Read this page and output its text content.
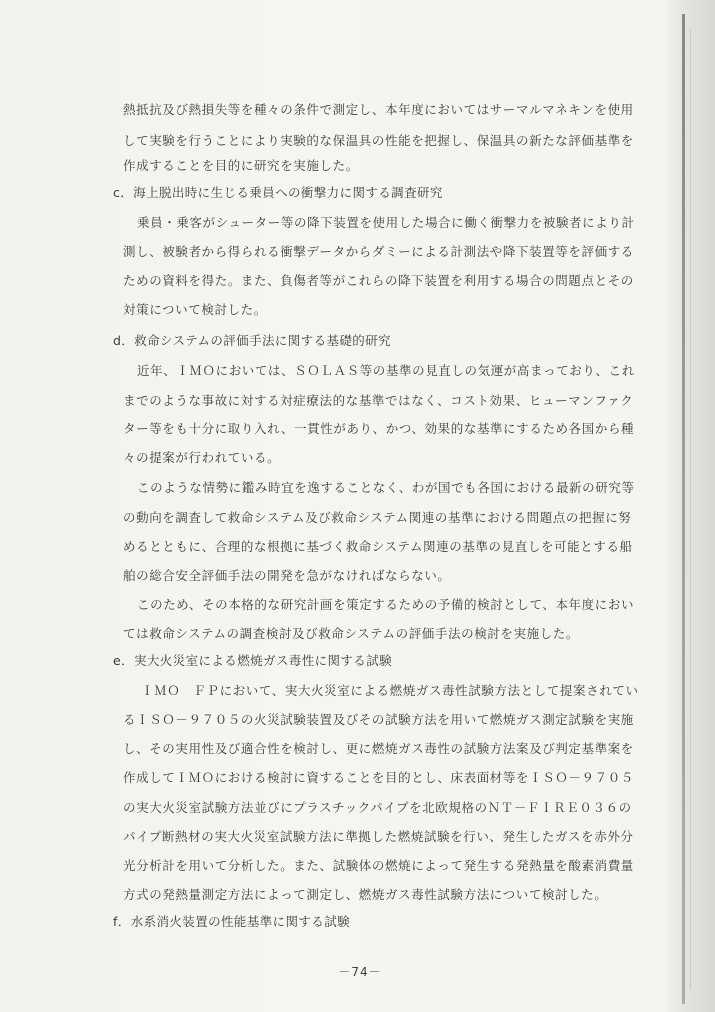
熱抵抗及び熱損失等を種々の条件で測定し、本年度においてはサーマルマネキンを使用
して実験を行うことにより実験的な保温具の性能を把握し、保温具の新たな評価基準を
作成することを目的に研究を実施した。
c．海上脱出時に生じる乗員への衝撃力に関する調査研究
乗員・乗客がシューター等の降下装置を使用した場合に働く衝撃力を被験者により計
測し、被験者から得られる衝撃データからダミーによる計測法や降下装置等を評価する
ための資料を得た。また、負傷者等がこれらの降下装置を利用する場合の問題点とその
対策について検討した。
d．救命システムの評価手法に関する基礎的研究
近年、ＩＭＯにおいては、ＳＯＬＡＳ等の基準の見直しの気運が高まっており、これ
までのような事故に対する対症療法的な基準ではなく、コスト効果、ヒューマンファク
ター等をも十分に取り入れ、一貫性があり、かつ、効果的な基準にするため各国から種
々の提案が行われている。
このような情勢に鑑み時宜を逸することなく、わが国でも各国における最新の研究等
の動向を調査して救命システム及び救命システム関連の基準における問題点の把握に努
めるとともに、合理的な根拠に基づく救命システム関連の基準の見直しを可能とする船
舶の総合安全評価手法の開発を急がなければならない。
このため、その本格的な研究計画を策定するための予備的検討として、本年度におい
ては救命システムの調査検討及び救命システムの評価手法の検討を実施した。
e．実大火災室による燃焼ガス毒性に関する試験
ＩＭＯ　ＦＰにおいて、実大火災室による燃焼ガス毒性試験方法として提案されてい
るＩＳＯ－９７０５の火災試験装置及びその試験方法を用いて燃焼ガス測定試験を実施
し、その実用性及び適合性を検討し、更に燃焼ガス毒性の試験方法案及び判定基準案を
作成してＩＭＯにおける検討に資することを目的とし、床表面材等をＩＳＯ－９７０５
の実大火災室試験方法並びにプラスチックパイプを北欧規格のＮＴ－ＦＩＲＥ０３６の
パイプ断熱材の実大火災室試験方法に準拠した燃焼試験を行い、発生したガスを赤外分
光分析計を用いて分析した。また、試験体の燃焼によって発生する発熱量を酸素消費量
方式の発熱量測定方法によって測定し、燃焼ガス毒性試験方法について検討した。
f．水系消火装置の性能基準に関する試験
－74－
